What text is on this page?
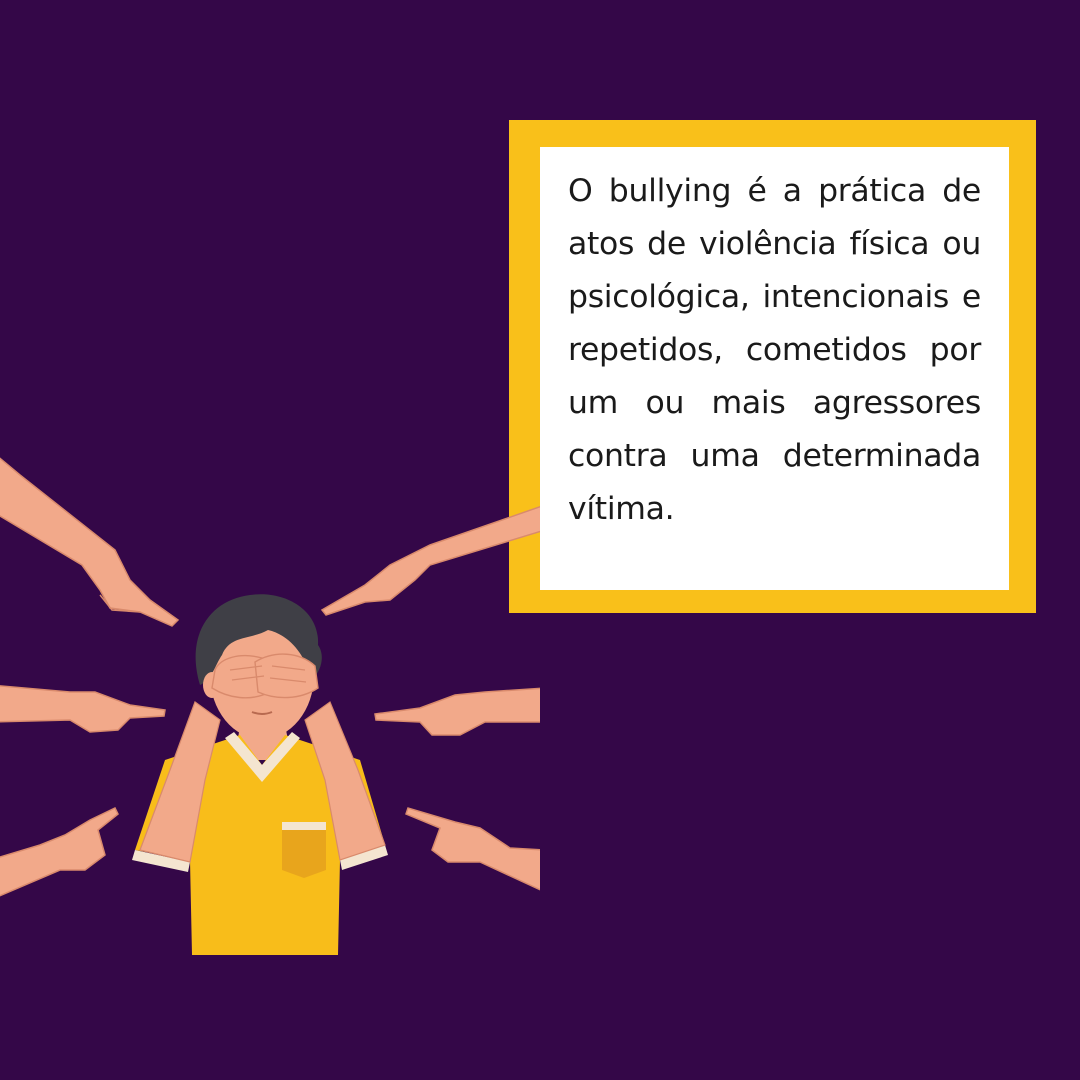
O bullying é a prática de atos de violência física ou psicológica, intencionais e repetidos, cometidos por um ou mais agressores contra uma determinada vítima.
